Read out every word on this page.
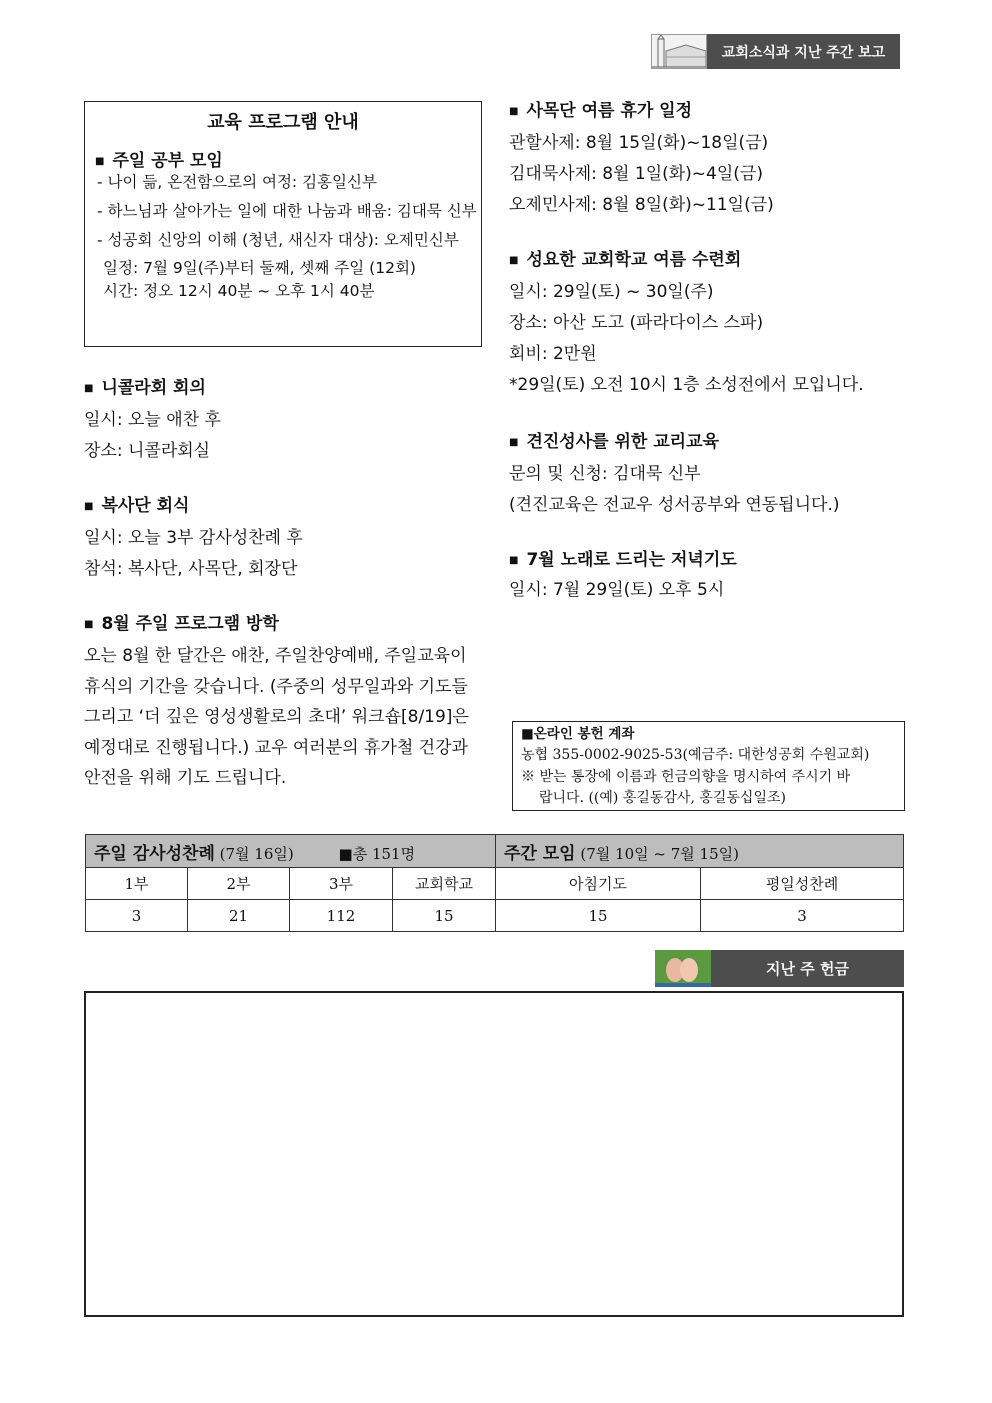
교회소식과 지난 주간 보고
교육 프로그램 안내
■ 주일 공부 모임
- 나이 듦, 온전함으로의 여정: 김홍일신부
- 하느님과 살아가는 일에 대한 나눔과 배움: 김대묵 신부
- 성공회 신앙의 이해 (청년, 새신자 대상): 오제민신부
일정: 7월 9일(주)부터 둘째, 셋째 주일 (12회)
시간: 정오 12시 40분 ~ 오후 1시 40분
■ 니콜라회 회의
일시: 오늘 애찬 후
장소: 니콜라회실
■ 복사단 회식
일시: 오늘 3부 감사성찬례 후
참석: 복사단, 사목단, 회장단
■ 8월 주일 프로그램 방학
오는 8월 한 달간은 애찬, 주일찬양예배, 주일교육이
휴식의 기간을 갖습니다. (주중의 성무일과와 기도들
그리고 ‘더 깊은 영성생활로의 초대’ 워크숍[8/19]은
예정대로 진행됩니다.) 교우 여러분의 휴가철 건강과
안전을 위해 기도 드립니다.
■ 사목단 여름 휴가 일정
관할사제: 8월 15일(화)~18일(금)
김대묵사제: 8월 1일(화)~4일(금)
오제민사제: 8월 8일(화)~11일(금)
■ 성요한 교회학교 여름 수련회
일시: 29일(토) ~ 30일(주)
장소: 아산 도고 (파라다이스 스파)
회비: 2만원
*29일(토) 오전 10시 1층 소성전에서 모입니다.
■ 견진성사를 위한 교리교육
문의 및 신청: 김대묵 신부
(견진교육은 전교우 성서공부와 연동됩니다.)
■ 7월 노래로 드리는 저녁기도
일시: 7월 29일(토) 오후 5시
■온라인 봉헌 계좌
농협 355-0002-9025-53(예금주: 대한성공회 수원교회)
※ 받는 통장에 이름과 헌금의향을 명시하여 주시기 바
랍니다. ((예) 홍길동감사, 홍길동십일조)
주일 감사성찬례 (7월 16일) ■총 151명				주간 모임 (7월 10일 ~ 7월 15일)	
1부	2부	3부	교회학교	아침기도	평일성찬례
3	21	112	15	15	3
지난 주 헌금
